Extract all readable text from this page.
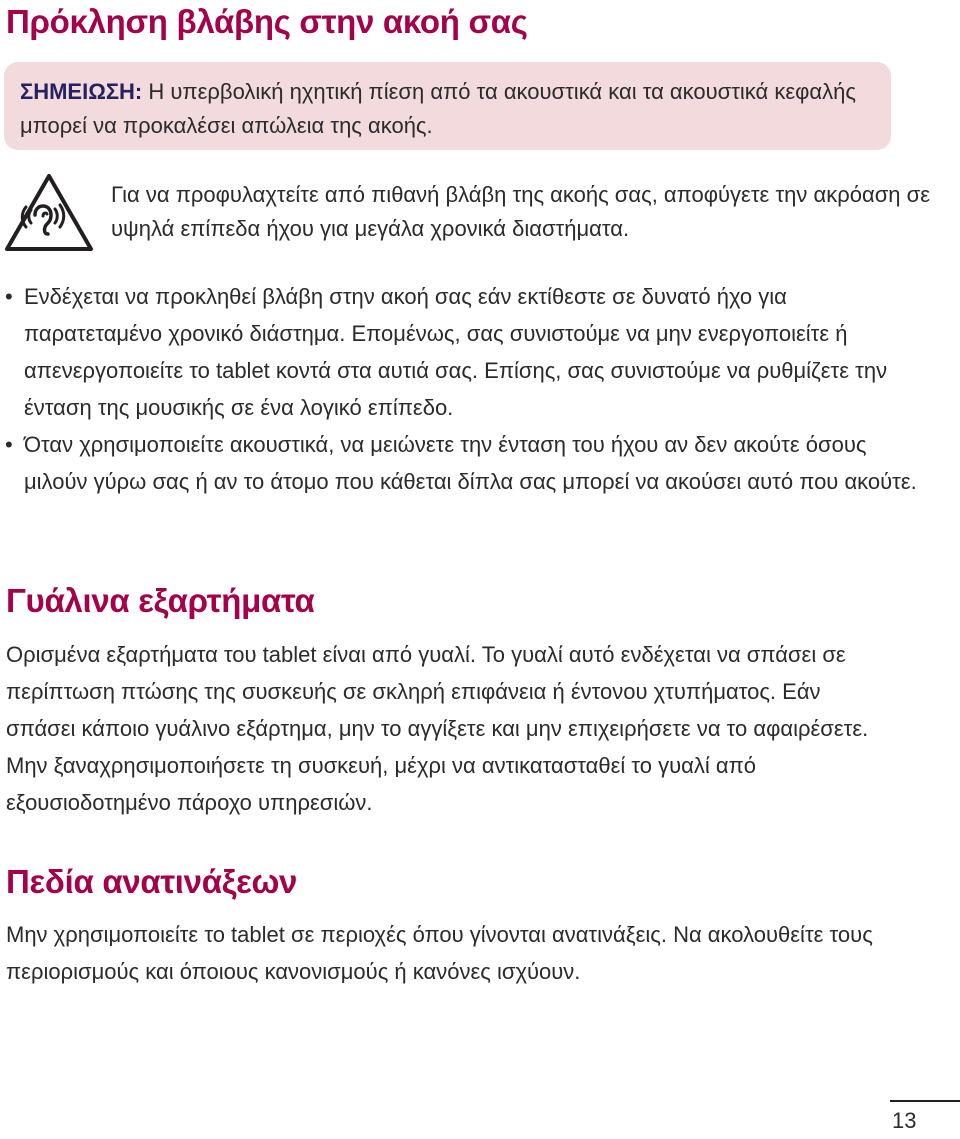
Πρόκληση βλάβης στην ακοή σας
ΣΗΜΕΙΩΣΗ: Η υπερβολική ηχητική πίεση από τα ακουστικά και τα ακουστικά κεφαλής μπορεί να προκαλέσει απώλεια της ακοής.

Για να προφυλαχτείτε από πιθανή βλάβη της ακοής σας, αποφύγετε την ακρόαση σε υψηλά επίπεδα ήχου για μεγάλα χρονικά διαστήματα.

• Ενδέχεται να προκληθεί βλάβη στην ακοή σας εάν εκτίθεστε σε δυνατό ήχο για παρατεταμένο χρονικό διάστημα. Επομένως, σας συνιστούμε να μην ενεργοποιείτε ή απενεργοποιείτε το tablet κοντά στα αυτιά σας. Επίσης, σας συνιστούμε να ρυθμίζετε την ένταση της μουσικής σε ένα λογικό επίπεδο.
• Όταν χρησιμοποιείτε ακουστικά, να μειώνετε την ένταση του ήχου αν δεν ακούτε όσους μιλούν γύρω σας ή αν το άτομο που κάθεται δίπλα σας μπορεί να ακούσει αυτό που ακούτε.
Γυάλινα εξαρτήματα

Ορισμένα εξαρτήματα του tablet είναι από γυαλί. Το γυαλί αυτό ενδέχεται να σπάσει σε περίπτωση πτώσης της συσκευής σε σκληρή επιφάνεια ή έντονου χτυπήματος. Εάν σπάσει κάποιο γυάλινο εξάρτημα, μην το αγγίξετε και μην επιχειρήσετε να το αφαιρέσετε. Μην ξαναχρησιμοποιήσετε τη συσκευή, μέχρι να αντικατασταθεί το γυαλί από εξουσιοδοτημένο πάροχο υπηρεσιών.

Πεδία ανατινάξεων

Μην χρησιμοποιείτε το tablet σε περιοχές όπου γίνονται ανατινάξεις. Να ακολουθείτε τους περιορισμούς και όποιους κανονισμούς ή κανόνες ισχύουν.

13
